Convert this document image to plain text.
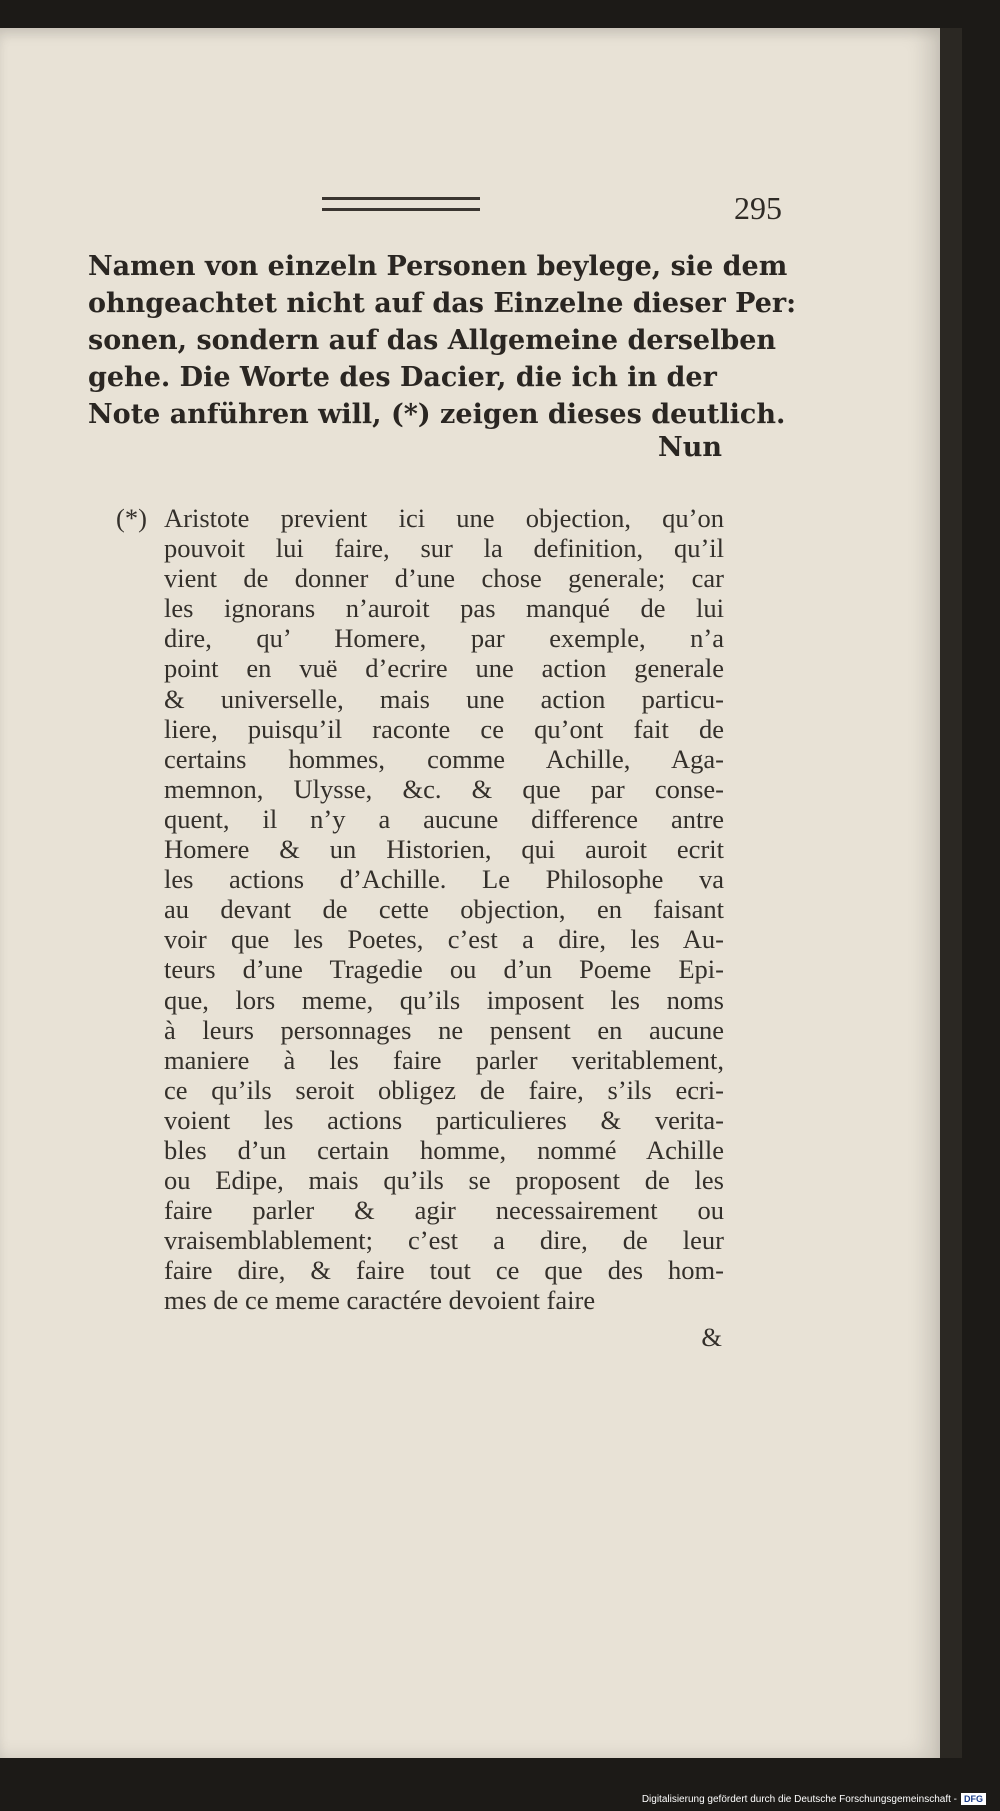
295
Namen von einzeln Personen beylege, sie dem
ohngeachtet nicht auf das Einzelne dieser Per:
sonen, sondern auf das Allgemeine derselben
gehe. Die Worte des Dacier, die ich in der
Note anführen will, (*) zeigen dieses deutlich.
Nun
(*) Aristote previent ici une objection, qu’on
pouvoit lui faire, sur la definition, qu’il
vient de donner d’une chose generale; car
les ignorans n’auroit pas manqué de lui
dire, qu’ Homere, par exemple, n’a
point en vuë d’ecrire une action generale
& universelle, mais une action particu-
liere, puisqu’il raconte ce qu’ont fait de
certains hommes, comme Achille, Aga-
memnon, Ulysse, &c. & que par conse-
quent, il n’y a aucune difference antre
Homere & un Historien, qui auroit ecrit
les actions d’Achille. Le Philosophe va
au devant de cette objection, en faisant
voir que les Poetes, c’est a dire, les Au-
teurs d’une Tragedie ou d’un Poeme Epi-
que, lors meme, qu’ils imposent les noms
à leurs personnages ne pensent en aucune
maniere à les faire parler veritablement,
ce qu’ils seroit obligez de faire, s’ils ecri-
voient les actions particulieres & verita-
bles d’un certain homme, nommé Achille
ou Edipe, mais qu’ils se proposent de les
faire parler & agir necessairement ou
vraisemblablement; c’est a dire, de leur
faire dire, & faire tout ce que des hom-
mes de ce meme caractére devoient faire
&
Digitalisierung gefördert durch die Deutsche Forschungsgemeinschaft - DFG
